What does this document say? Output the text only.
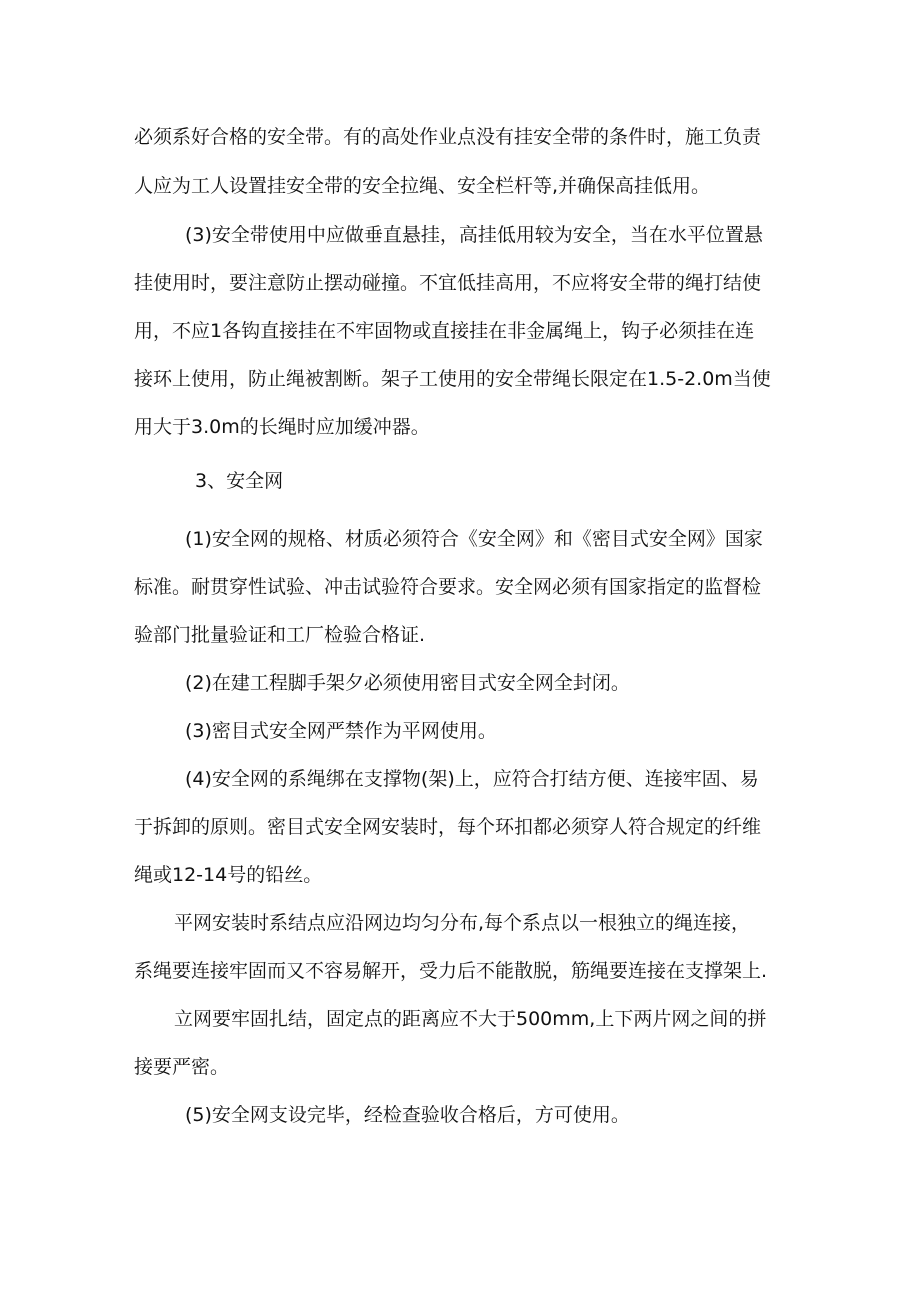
必须系好合格的安全带。有的高处作业点没有挂安全带的条件时，施工负责
人应为工人设置挂安全带的安全拉绳、安全栏杆等,并确保高挂低用。
(3)安全带使用中应做垂直悬挂，高挂低用较为安全，当在水平位置悬
挂使用时，要注意防止摆动碰撞。不宜低挂高用，不应将安全带的绳打结使
用，不应1各钩直接挂在不牢固物或直接挂在非金属绳上，钩子必须挂在连
接环上使用，防止绳被割断。架子工使用的安全带绳长限定在1.5-2.0m当使
用大于3.0m的长绳时应加缓冲器。
3、安全网
(1)安全网的规格、材质必须符合《安全网》和《密目式安全网》国家
标准。耐贯穿性试验、冲击试验符合要求。安全网必须有国家指定的监督检
验部门批量验证和工厂检验合格证.
(2)在建工程脚手架夕必须使用密目式安全网全封闭。
(3)密目式安全网严禁作为平网使用。
(4)安全网的系绳绑在支撑物(架)上，应符合打结方便、连接牢固、易
于拆卸的原则。密目式安全网安装时，每个环扣都必须穿人符合规定的纤维
绳或12-14号的铅丝。
平网安装时系结点应沿网边均匀分布,每个系点以一根独立的绳连接，
系绳要连接牢固而又不容易解开，受力后不能散脱，筋绳要连接在支撑架上.
立网要牢固扎结，固定点的距离应不大于500mm,上下两片网之间的拼
接要严密。
(5)安全网支设完毕，经检查验收合格后，方可使用。
